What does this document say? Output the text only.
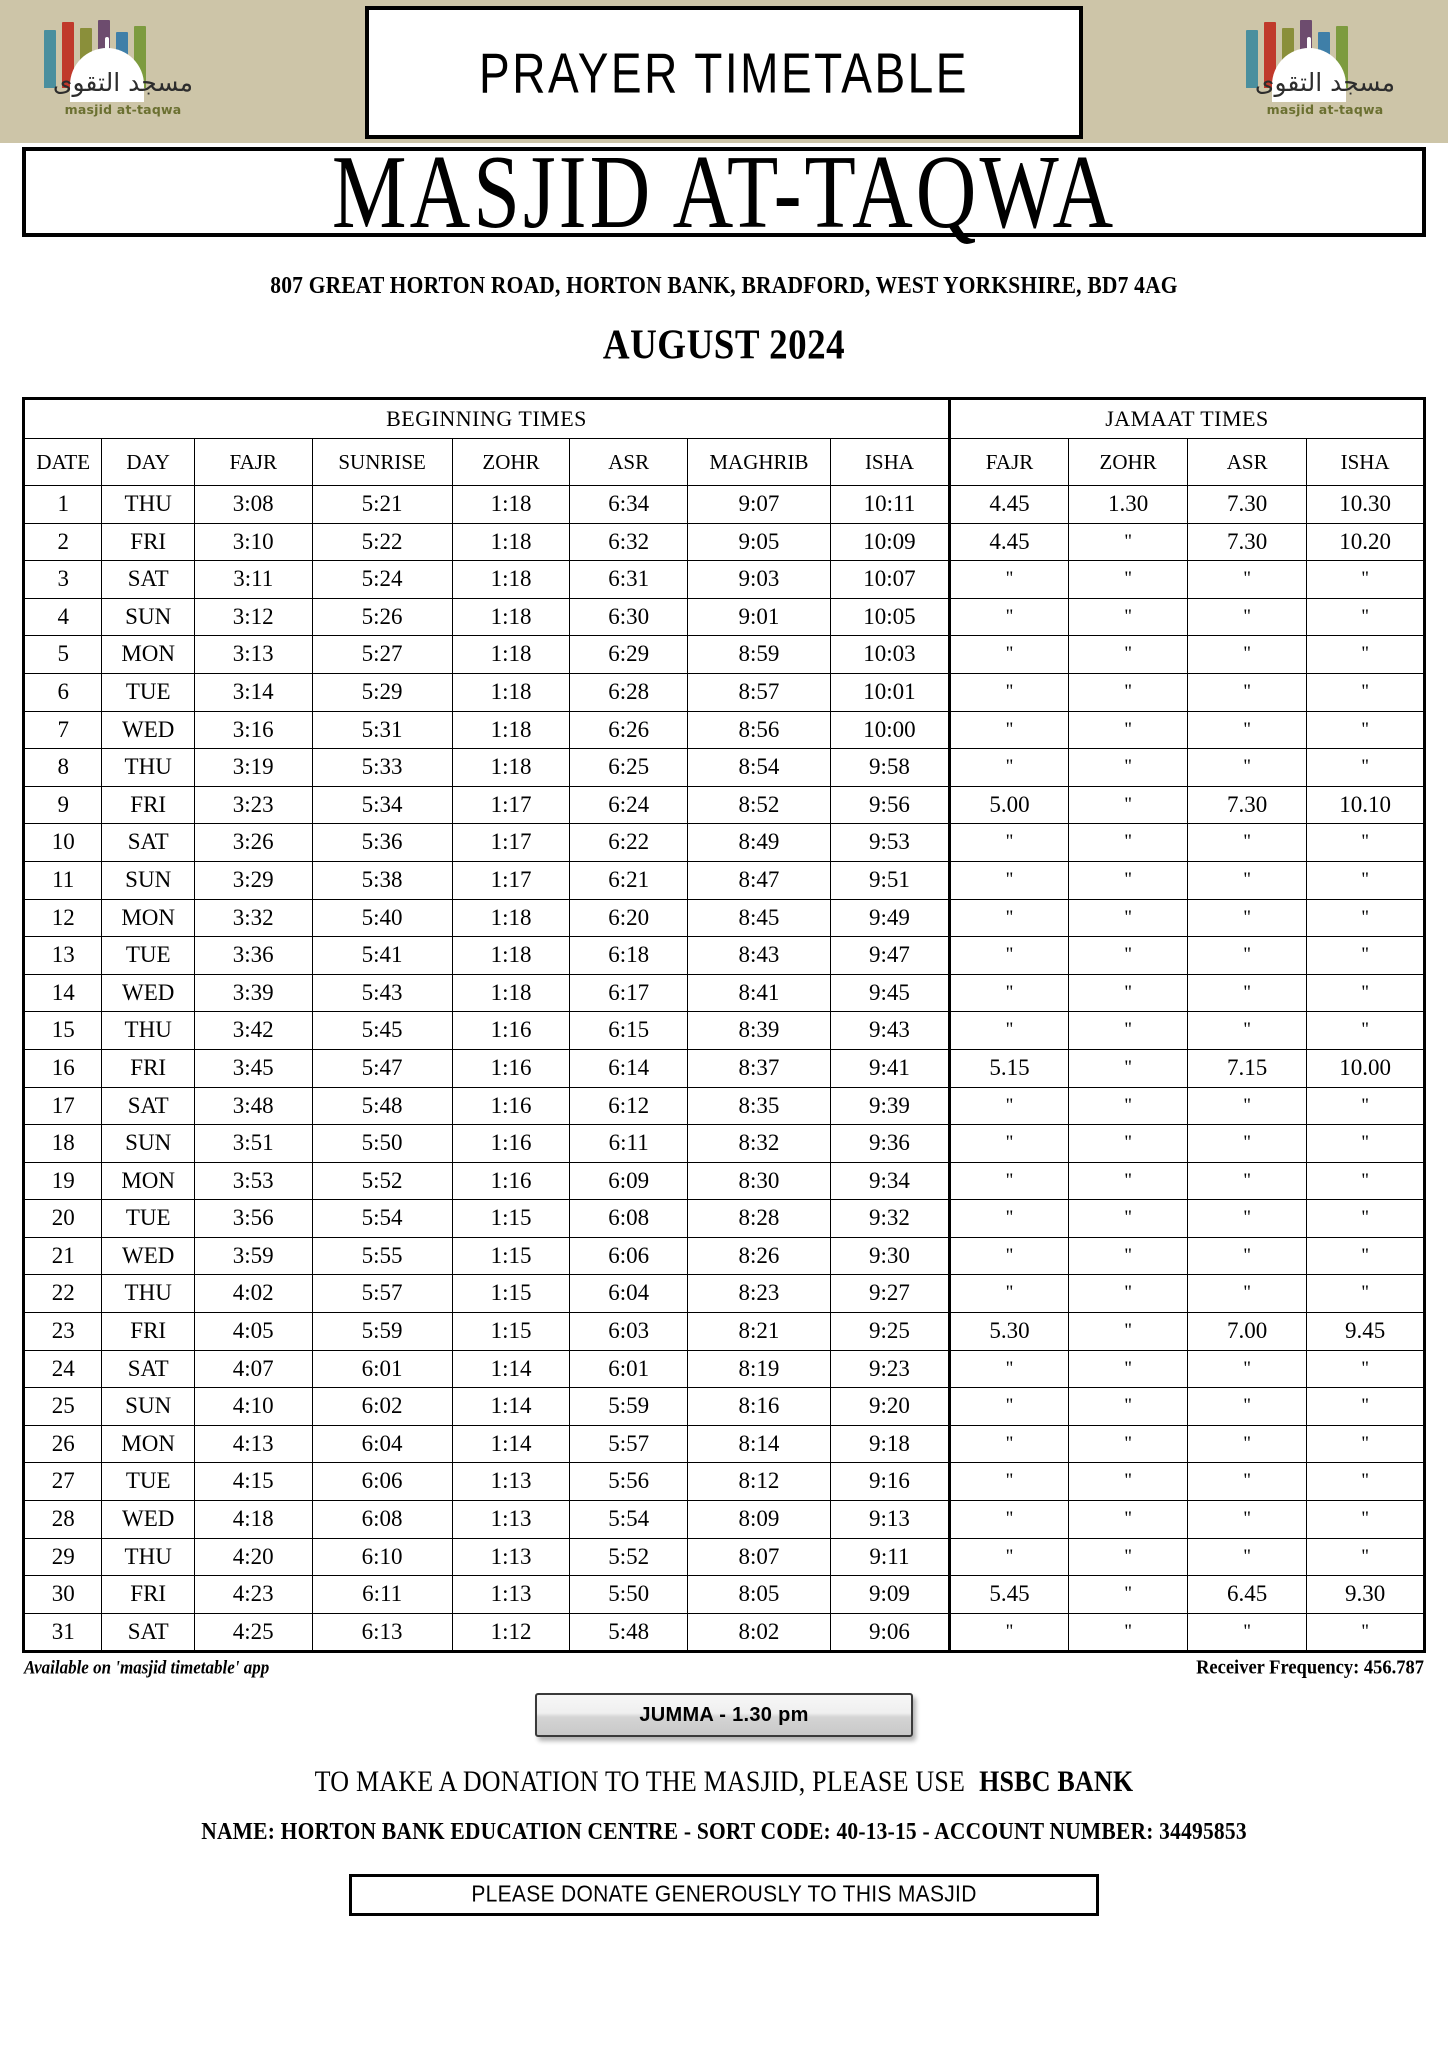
مسجد التقوى
masjid at-taqwa
PRAYER TIMETABLE	مسجد التقوى
masjid at-taqwa
MASJID AT-TAQWA
807 GREAT HORTON ROAD, HORTON BANK, BRADFORD, WEST YORKSHIRE, BD7 4AG
AUGUST 2024
BEGINNING TIMES								JAMAAT TIMES			
DATE	DAY	FAJR	SUNRISE	ZOHR	ASR	MAGHRIB	ISHA	FAJR	ZOHR	ASR	ISHA
1	THU	3:08	5:21	1:18	6:34	9:07	10:11	4.45	1.30	7.30	10.30
2	FRI	3:10	5:22	1:18	6:32	9:05	10:09	4.45	"	7.30	10.20
3	SAT	3:11	5:24	1:18	6:31	9:03	10:07	"	"	"	"
4	SUN	3:12	5:26	1:18	6:30	9:01	10:05	"	"	"	"
5	MON	3:13	5:27	1:18	6:29	8:59	10:03	"	"	"	"
6	TUE	3:14	5:29	1:18	6:28	8:57	10:01	"	"	"	"
7	WED	3:16	5:31	1:18	6:26	8:56	10:00	"	"	"	"
8	THU	3:19	5:33	1:18	6:25	8:54	9:58	"	"	"	"
9	FRI	3:23	5:34	1:17	6:24	8:52	9:56	5.00	"	7.30	10.10
10	SAT	3:26	5:36	1:17	6:22	8:49	9:53	"	"	"	"
11	SUN	3:29	5:38	1:17	6:21	8:47	9:51	"	"	"	"
12	MON	3:32	5:40	1:18	6:20	8:45	9:49	"	"	"	"
13	TUE	3:36	5:41	1:18	6:18	8:43	9:47	"	"	"	"
14	WED	3:39	5:43	1:18	6:17	8:41	9:45	"	"	"	"
15	THU	3:42	5:45	1:16	6:15	8:39	9:43	"	"	"	"
16	FRI	3:45	5:47	1:16	6:14	8:37	9:41	5.15	"	7.15	10.00
17	SAT	3:48	5:48	1:16	6:12	8:35	9:39	"	"	"	"
18	SUN	3:51	5:50	1:16	6:11	8:32	9:36	"	"	"	"
19	MON	3:53	5:52	1:16	6:09	8:30	9:34	"	"	"	"
20	TUE	3:56	5:54	1:15	6:08	8:28	9:32	"	"	"	"
21	WED	3:59	5:55	1:15	6:06	8:26	9:30	"	"	"	"
22	THU	4:02	5:57	1:15	6:04	8:23	9:27	"	"	"	"
23	FRI	4:05	5:59	1:15	6:03	8:21	9:25	5.30	"	7.00	9.45
24	SAT	4:07	6:01	1:14	6:01	8:19	9:23	"	"	"	"
25	SUN	4:10	6:02	1:14	5:59	8:16	9:20	"	"	"	"
26	MON	4:13	6:04	1:14	5:57	8:14	9:18	"	"	"	"
27	TUE	4:15	6:06	1:13	5:56	8:12	9:16	"	"	"	"
28	WED	4:18	6:08	1:13	5:54	8:09	9:13	"	"	"	"
29	THU	4:20	6:10	1:13	5:52	8:07	9:11	"	"	"	"
30	FRI	4:23	6:11	1:13	5:50	8:05	9:09	5.45	"	6.45	9.30
31	SAT	4:25	6:13	1:12	5:48	8:02	9:06	"	"	"	"
Available on 'masjid timetable' app	Receiver Frequency: 456.787
JUMMA - 1.30 pm
TO MAKE A DONATION TO THE MASJID, PLEASE USE HSBC BANK
NAME: HORTON BANK EDUCATION CENTRE - SORT CODE: 40-13-15 - ACCOUNT NUMBER: 34495853
PLEASE DONATE GENEROUSLY TO THIS MASJID
